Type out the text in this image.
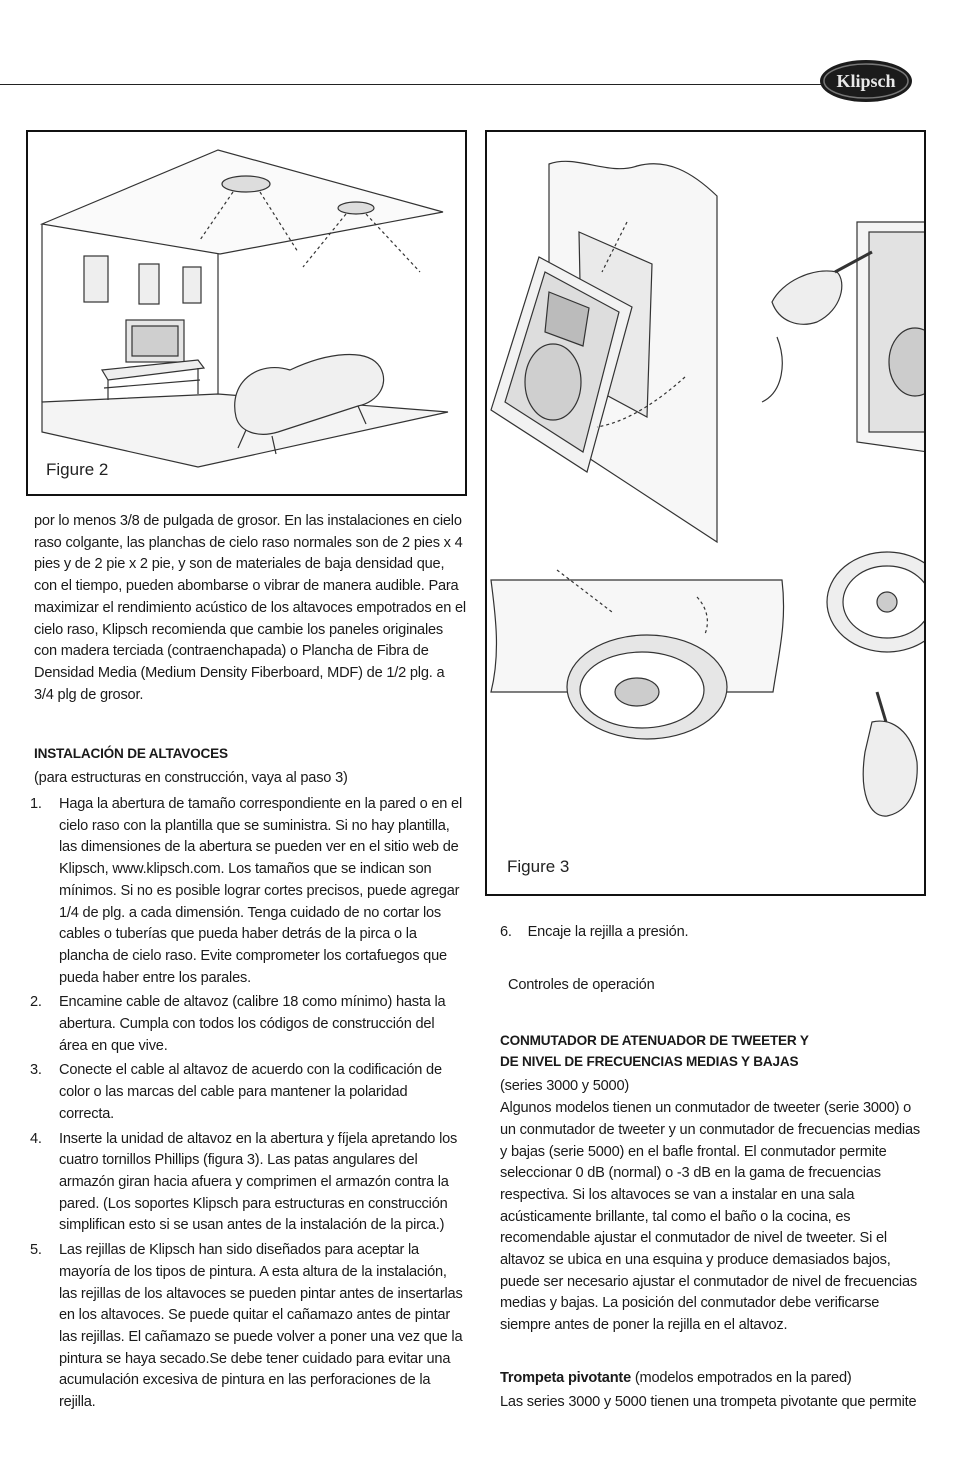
Klipsch
Figure 2
Figure 3

por lo menos 3/8 de pulgada de grosor. En las instalaciones en cielo raso colgante, las planchas de cielo raso normales son de 2 pies x 4 pies y de 2 pie x 2 pie, y son de materiales de baja densidad que, con el tiempo, pueden abombarse o vibrar de manera audible. Para maximizar el rendimiento acústico de los altavoces empotrados en el cielo raso, Klipsch recomienda que cambie los paneles originales con madera terciada (contraenchapada) o Plancha de Fibra de Densidad Media (Medium Density Fiberboard, MDF) de 1/2 plg. a 3/4 plg de grosor.

INSTALACIÓN DE ALTAVOCES

(para estructuras en construcción, vaya al paso 3)

1. Haga la abertura de tamaño correspondiente en la pared o en el cielo raso con la plantilla que se suministra. Si no hay plantilla, las dimensiones de la abertura se pueden ver en el sitio web de Klipsch, www.klipsch.com. Los tamaños que se indican son mínimos. Si no es posible lograr cortes precisos, puede agregar 1/4 de plg. a cada dimensión. Tenga cuidado de no cortar los cables o tuberías que pueda haber detrás de la pirca o la plancha de cielo raso. Evite comprometer los cortafuegos que pueda haber entre los parales.
2. Encamine cable de altavoz (calibre 18 como mínimo) hasta la abertura. Cumpla con todos los códigos de construcción del área en que vive.
3. Conecte el cable al altavoz de acuerdo con la codificación de color o las marcas del cable para mantener la polaridad correcta.
4. Inserte la unidad de altavoz en la abertura y fíjela apretando los cuatro tornillos Phillips (figura 3). Las patas angulares del armazón giran hacia afuera y comprimen el armazón contra la pared. (Los soportes Klipsch para estructuras en construcción simplifican esto si se usan antes de la instalación de la pirca.)
5. Las rejillas de Klipsch han sido diseñados para aceptar la mayoría de los tipos de pintura. A esta altura de la instalación, las rejillas de los altavoces se pueden pintar antes de insertarlas en los altavoces. Se puede quitar el cañamazo antes de pintar las rejillas. El cañamazo se puede volver a poner una vez que la pintura se haya secado.Se debe tener cuidado para evitar una acumulación excesiva de pintura en las perforaciones de la rejilla.
6. Encaje la rejilla a presión.

Controles de operación

CONMUTADOR DE ATENUADOR DE TWEETER Y
DE NIVEL DE FRECUENCIAS MEDIAS Y BAJAS

(series 3000 y 5000)

Algunos modelos tienen un conmutador de tweeter (serie 3000) o un conmutador de tweeter y un conmutador de frecuencias medias y bajas (serie 5000) en el bafle frontal. El conmutador permite seleccionar 0 dB (normal) o -3 dB en la gama de frecuencias respectiva. Si los altavoces se van a instalar en una sala acústicamente brillante, tal como el baño o la cocina, es recomendable ajustar el conmutador de nivel de tweeter. Si el altavoz se ubica en una esquina y produce demasiados bajos, puede ser necesario ajustar el conmutador de nivel de frecuencias medias y bajas. La posición del conmutador debe verificarse siempre antes de poner la rejilla en el altavoz.

Trompeta pivotante (modelos empotrados en la pared)

Las series 3000 y 5000 tienen una trompeta pivotante que permite
